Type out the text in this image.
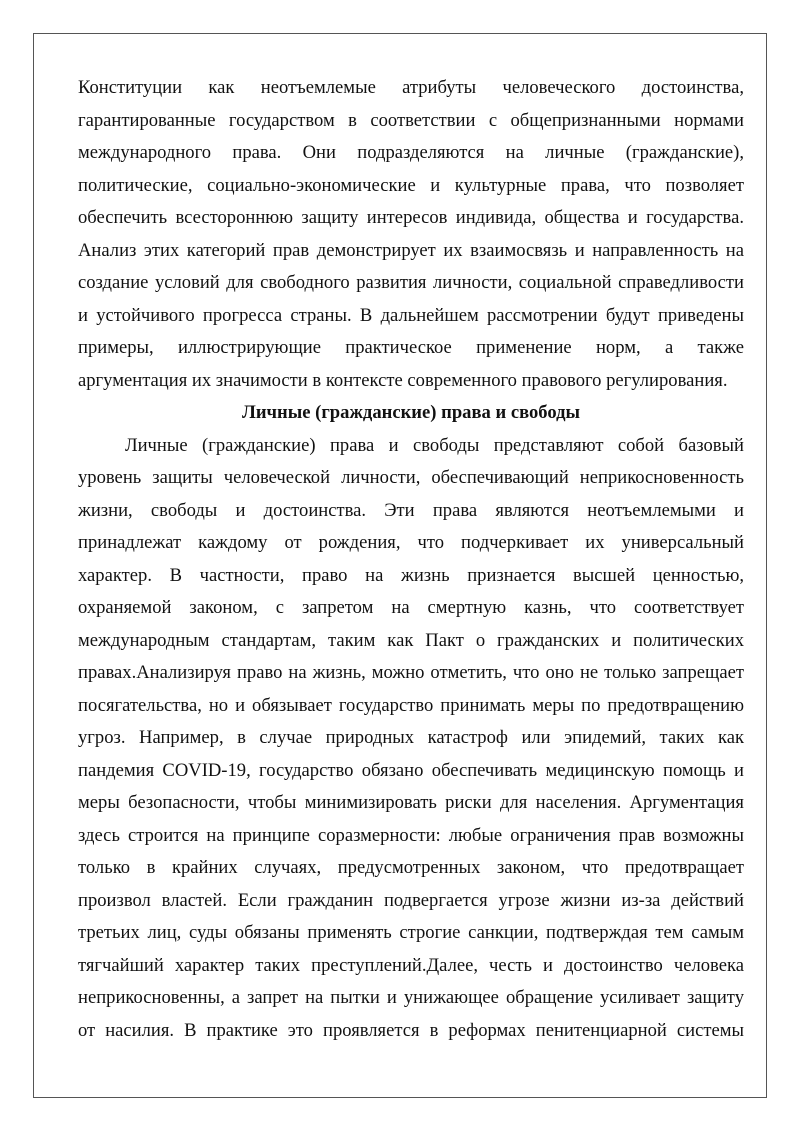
Конституции как неотъемлемые атрибуты человеческого достоинства,

гарантированные государством в соответствии с общепризнанными нормами

международного права. Они подразделяются на личные (гражданские),

политические, социально-экономические и культурные права, что позволяет

обеспечить всестороннюю защиту интересов индивида, общества и государства.

Анализ этих категорий прав демонстрирует их взаимосвязь и направленность на

создание условий для свободного развития личности, социальной справедливости

и устойчивого прогресса страны. В дальнейшем рассмотрении будут приведены

примеры, иллюстрирующие практическое применение норм, а также

аргументация их значимости в контексте современного правового регулирования.

Личные (гражданские) права и свободы

Личные (гражданские) права и свободы представляют собой базовый

уровень защиты человеческой личности, обеспечивающий неприкосновенность

жизни, свободы и достоинства. Эти права являются неотъемлемыми и

принадлежат каждому от рождения, что подчеркивает их универсальный

характер. В частности, право на жизнь признается высшей ценностью,

охраняемой законом, с запретом на смертную казнь, что соответствует

международным стандартам, таким как Пакт о гражданских и политических

правах.Анализируя право на жизнь, можно отметить, что оно не только запрещает

посягательства, но и обязывает государство принимать меры по предотвращению

угроз. Например, в случае природных катастроф или эпидемий, таких как

пандемия COVID-19, государство обязано обеспечивать медицинскую помощь и

меры безопасности, чтобы минимизировать риски для населения. Аргументация

здесь строится на принципе соразмерности: любые ограничения прав возможны

только в крайних случаях, предусмотренных законом, что предотвращает

произвол властей. Если гражданин подвергается угрозе жизни из-за действий

третьих лиц, суды обязаны применять строгие санкции, подтверждая тем самым

тягчайший характер таких преступлений.Далее, честь и достоинство человека

неприкосновенны, а запрет на пытки и унижающее обращение усиливает защиту

от насилия. В практике это проявляется в реформах пенитенциарной системы
